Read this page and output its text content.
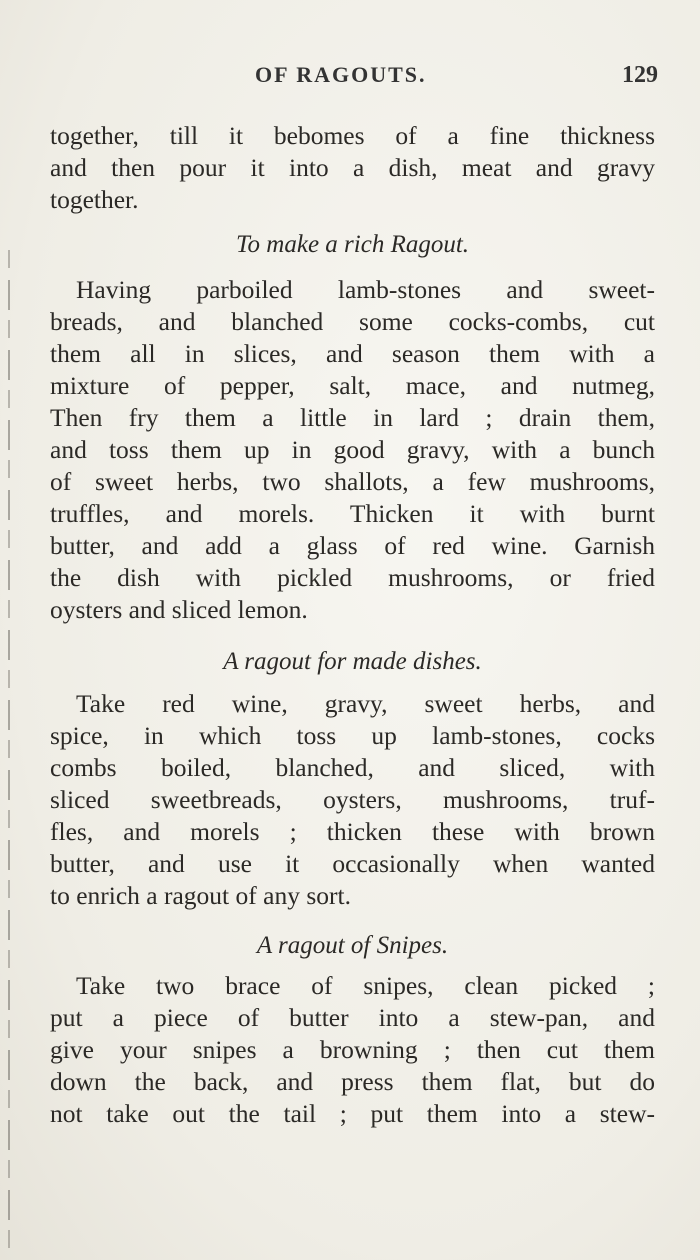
OF RAGOUTS.	129
together, till it bebomes of a fine thickness
and then pour it into a dish, meat and gravy
together.
To make a rich Ragout.
Having parboiled lamb-stones and sweet-
breads, and blanched some cocks-combs, cut
them all in slices, and season them with a
mixture of pepper, salt, mace, and nutmeg,
Then fry them a little in lard ; drain them,
and toss them up in good gravy, with a bunch
of sweet herbs, two shallots, a few mushrooms,
truffles, and morels. Thicken it with burnt
butter, and add a glass of red wine. Garnish
the dish with pickled mushrooms, or fried
oysters and sliced lemon.
A ragout for made dishes.
Take red wine, gravy, sweet herbs, and
spice, in which toss up lamb-stones, cocks
combs boiled, blanched, and sliced, with
sliced sweetbreads, oysters, mushrooms, truf-
fles, and morels ; thicken these with brown
butter, and use it occasionally when wanted
to enrich a ragout of any sort.
A ragout of Snipes.
Take two brace of snipes, clean picked ;
put a piece of butter into a stew-pan, and
give your snipes a browning ; then cut them
down the back, and press them flat, but do
not take out the tail ; put them into a stew-
